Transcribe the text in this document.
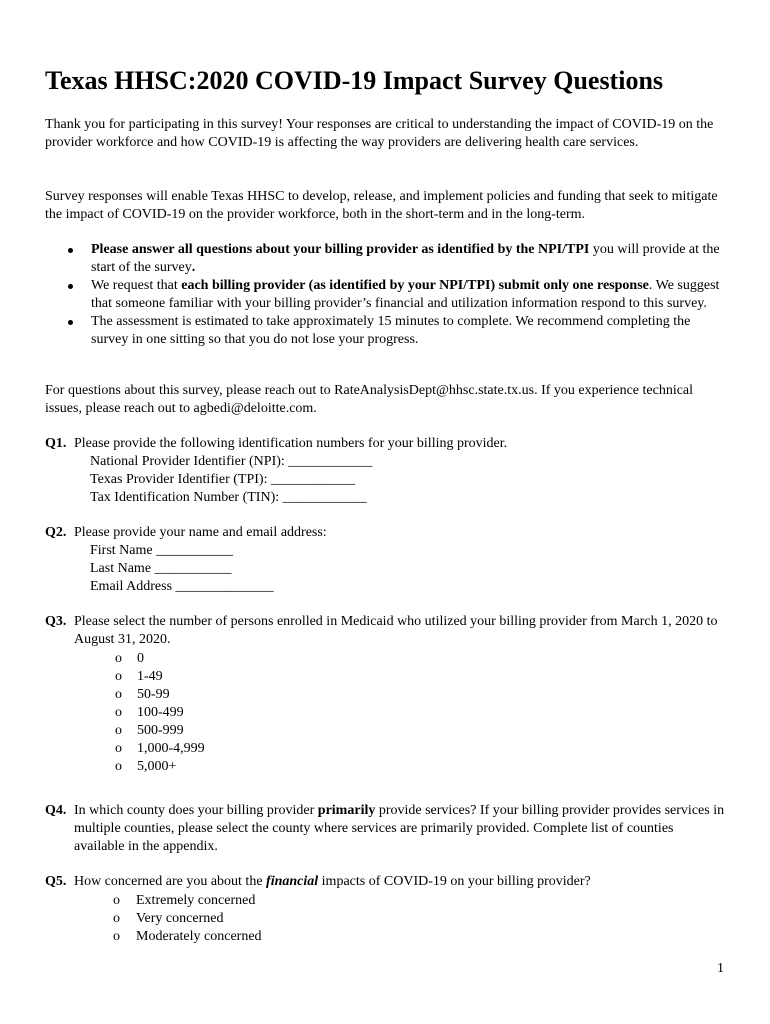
Texas HHSC:2020 COVID-19 Impact Survey Questions

Thank you for participating in this survey! Your responses are critical to understanding the impact of COVID-19 on the provider workforce and how COVID-19 is affecting the way providers are delivering health care services.

Survey responses will enable Texas HHSC to develop, release, and implement policies and funding that seek to mitigate the impact of COVID-19 on the provider workforce, both in the short-term and in the long-term.

Please answer all questions about your billing provider as identified by the NPI/TPI you will provide at the start of the survey.
We request that each billing provider (as identified by your NPI/TPI) submit only one response. We suggest that someone familiar with your billing provider’s financial and utilization information respond to this survey.
The assessment is estimated to take approximately 15 minutes to complete. We recommend completing the survey in one sitting so that you do not lose your progress.

For questions about this survey, please reach out to RateAnalysisDept@hhsc.state.tx.us. If you experience technical issues, please reach out to agbedi@deloitte.com.

Q1. Please provide the following identification numbers for your billing provider.
National Provider Identifier (NPI): ____________
Texas Provider Identifier (TPI): ____________
Tax Identification Number (TIN): ____________
Q2. Please provide your name and email address:
First Name ___________
Last Name ___________
Email Address ______________
Q3. Please select the number of persons enrolled in Medicaid who utilized your billing provider from March 1, 2020 to August 31, 2020.
o 0
o 1-49
o 50-99
o 100-499
o 500-999
o 1,000-4,999
o 5,000+
Q4. In which county does your billing provider primarily provide services? If your billing provider provides services in multiple counties, please select the county where services are primarily provided. Complete list of counties available in the appendix.
Q5. How concerned are you about the financial impacts of COVID-19 on your billing provider?
o Extremely concerned
o Very concerned
o Moderately concerned
1
